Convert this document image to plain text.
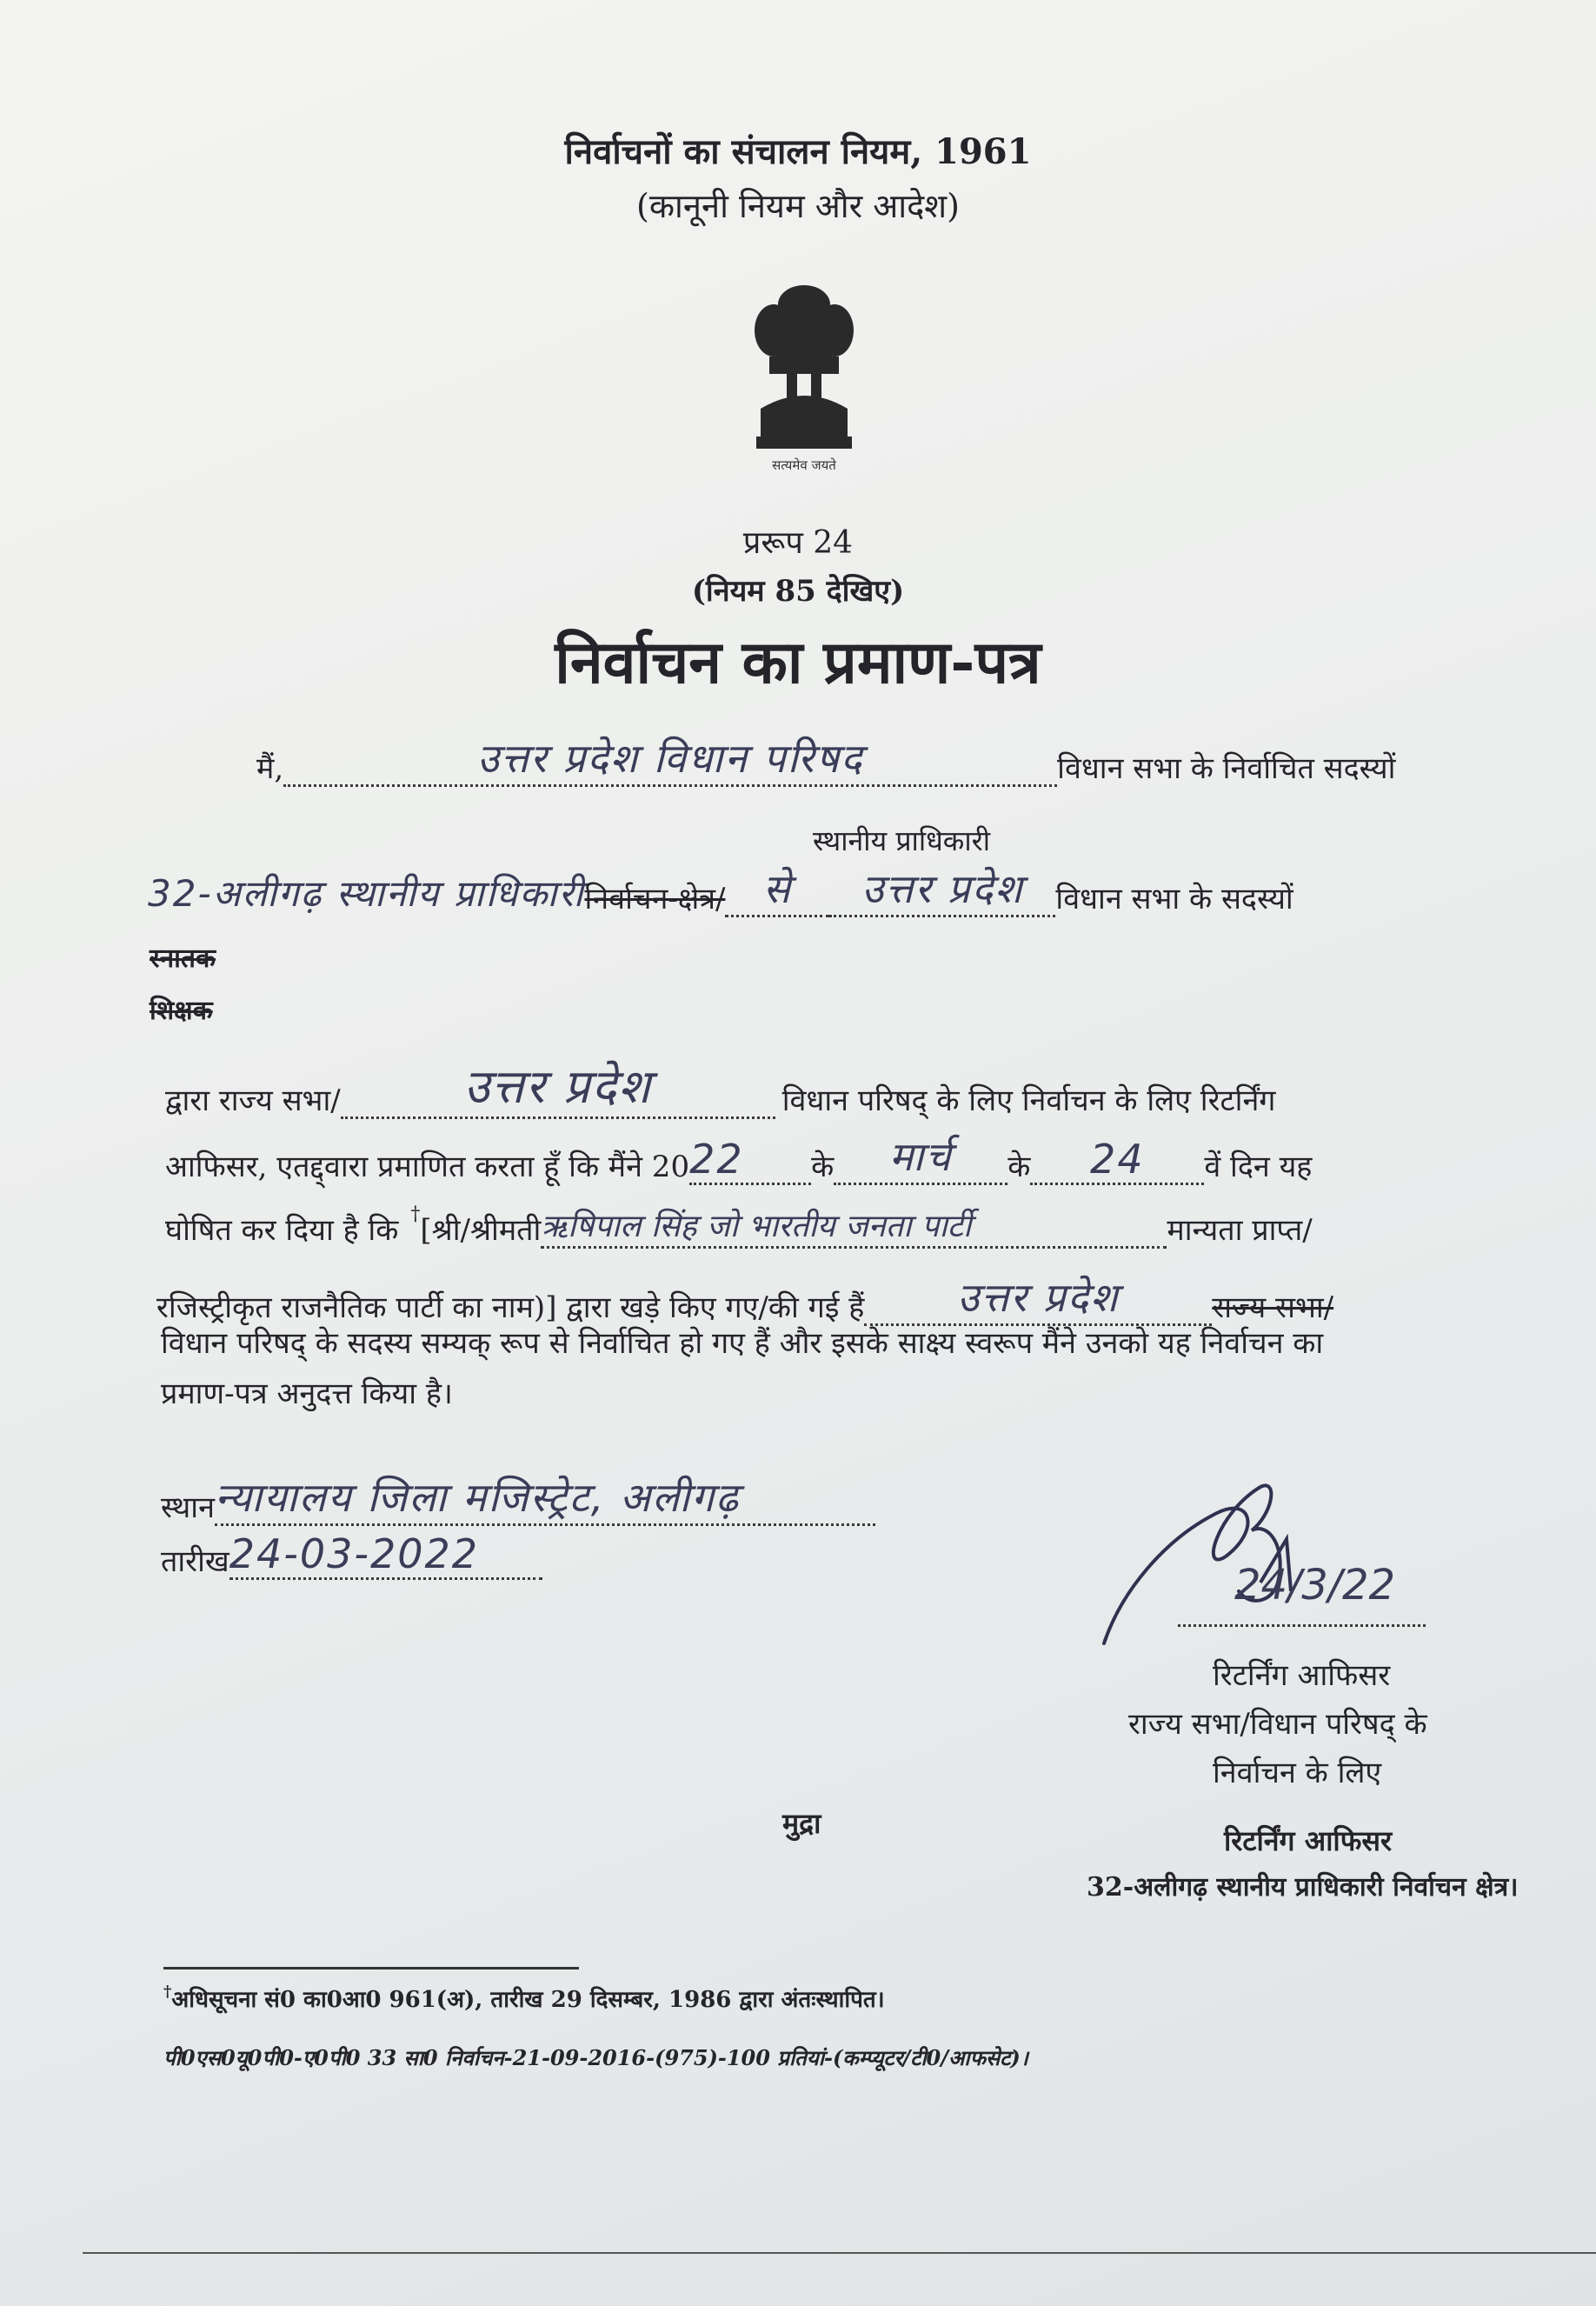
निर्वाचनों का संचालन नियम, 1961
(कानूनी नियम और आदेश)
सत्यमेव जयते
प्ररूप 24
(नियम 85 देखिए)
निर्वाचन का प्रमाण-पत्र
मैं,	उत्तर प्रदेश विधान परिषद	विधान सभा के निर्वाचित सदस्यों
स्थानीय प्राधिकारी
32-अलीगढ़ स्थानीय प्राधिकारी निर्वाचन-क्षेत्र/ से	उत्तर प्रदेश	विधान सभा के सदस्यों
स्नातक
शिक्षक
द्वारा राज्य सभा/	उत्तर प्रदेश	विधान परिषद् के लिए निर्वाचन के लिए रिटर्निंग
आफिसर, एतद्द्वारा प्रमाणित करता हूँ कि मैंने 20 22	के	मार्च	के	24	वें दिन यह
घोषित कर दिया है कि † [श्री/श्रीमती ऋषिपाल सिंह जो भारतीय जनता पार्टी	मान्यता प्राप्त/
रजिस्ट्रीकृत राजनैतिक पार्टी का नाम)] द्वारा खड़े किए गए/की गई हैं	उत्तर प्रदेश	राज्य सभा/
विधान परिषद् के सदस्य सम्यक् रूप से निर्वाचित हो गए हैं और इसके साक्ष्य स्वरूप मैंने उनको यह निर्वाचन का
प्रमाण-पत्र अनुदत्त किया है।
स्थान न्यायालय जिला मजिस्ट्रेट, अलीगढ़
तारीख 24-03-2022
24/3/22
रिटर्निंग आफिसर
राज्य सभा/विधान परिषद् के
निर्वाचन के लिए
मुद्रा
रिटर्निंग आफिसर
32-अलीगढ़ स्थानीय प्राधिकारी निर्वाचन क्षेत्र।
† अधिसूचना सं0 का0आ0 961(अ), तारीख 29 दिसम्बर, 1986 द्वारा अंतःस्थापित।
पी0एस0यू0पी0-ए0पी0 33 सा0 निर्वाचन-21-09-2016-(975)-100 प्रतियां-(कम्प्यूटर/टी0/आफसेट)।
